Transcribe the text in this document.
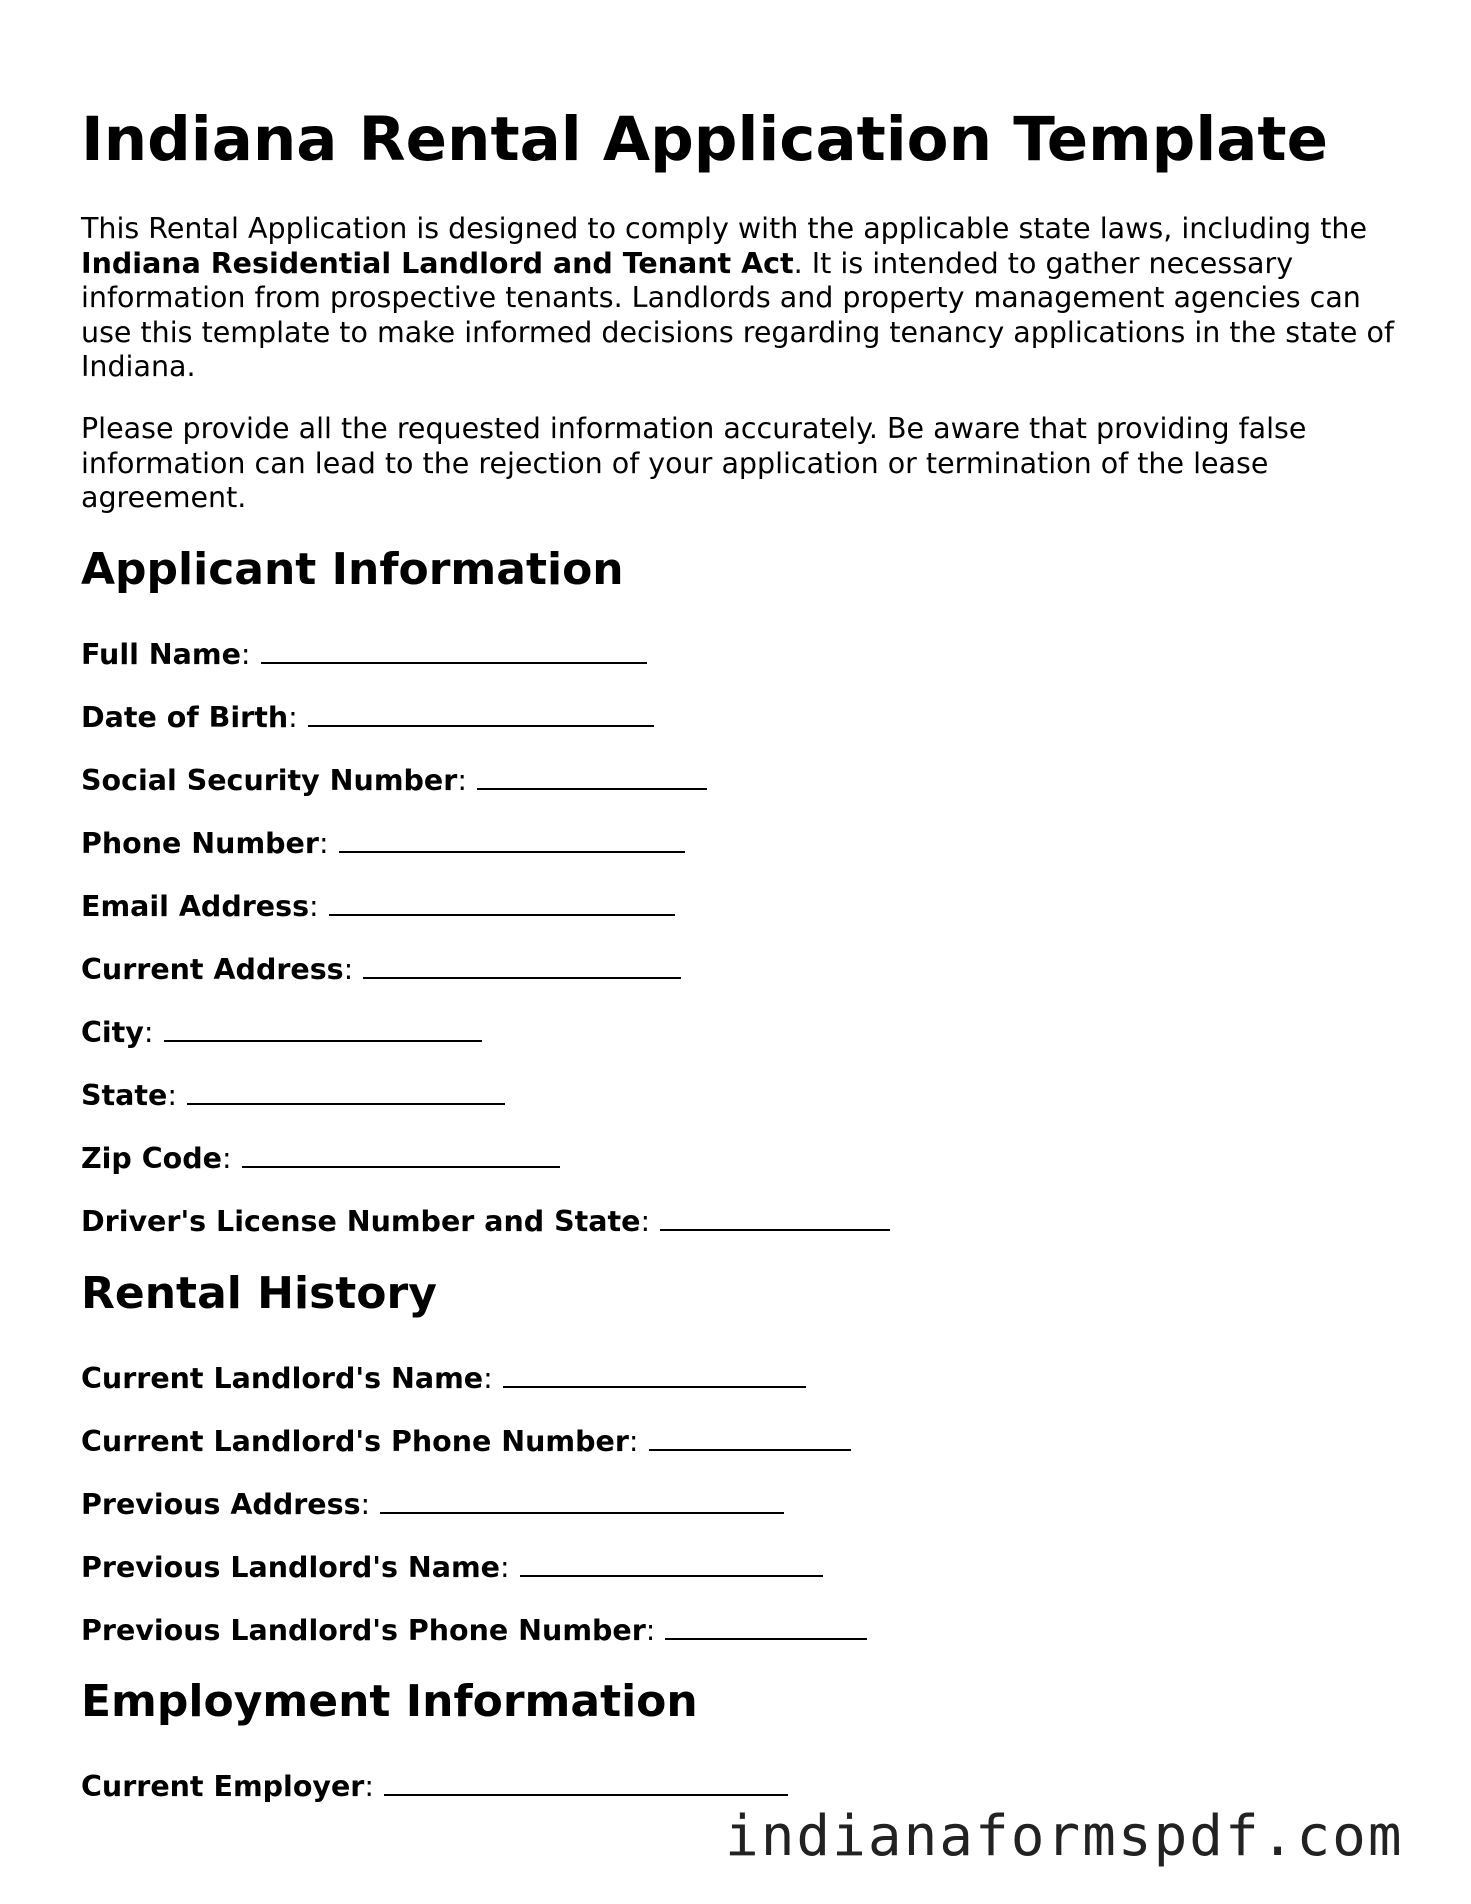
Indiana Rental Application Template

This Rental Application is designed to comply with the applicable state laws, including the Indiana Residential Landlord and Tenant Act. It is intended to gather necessary information from prospective tenants. Landlords and property management agencies can use this template to make informed decisions regarding tenancy applications in the state of Indiana.

Please provide all the requested information accurately. Be aware that providing false information can lead to the rejection of your application or termination of the lease agreement.

Applicant Information
Full Name:
Date of Birth:
Social Security Number:
Phone Number:
Email Address:
Current Address:
City:
State:
Zip Code:
Driver's License Number and State:
Rental History
Current Landlord's Name:
Current Landlord's Phone Number:
Previous Address:
Previous Landlord's Name:
Previous Landlord's Phone Number:
Employment Information
Current Employer:
indianaformspdf.com
